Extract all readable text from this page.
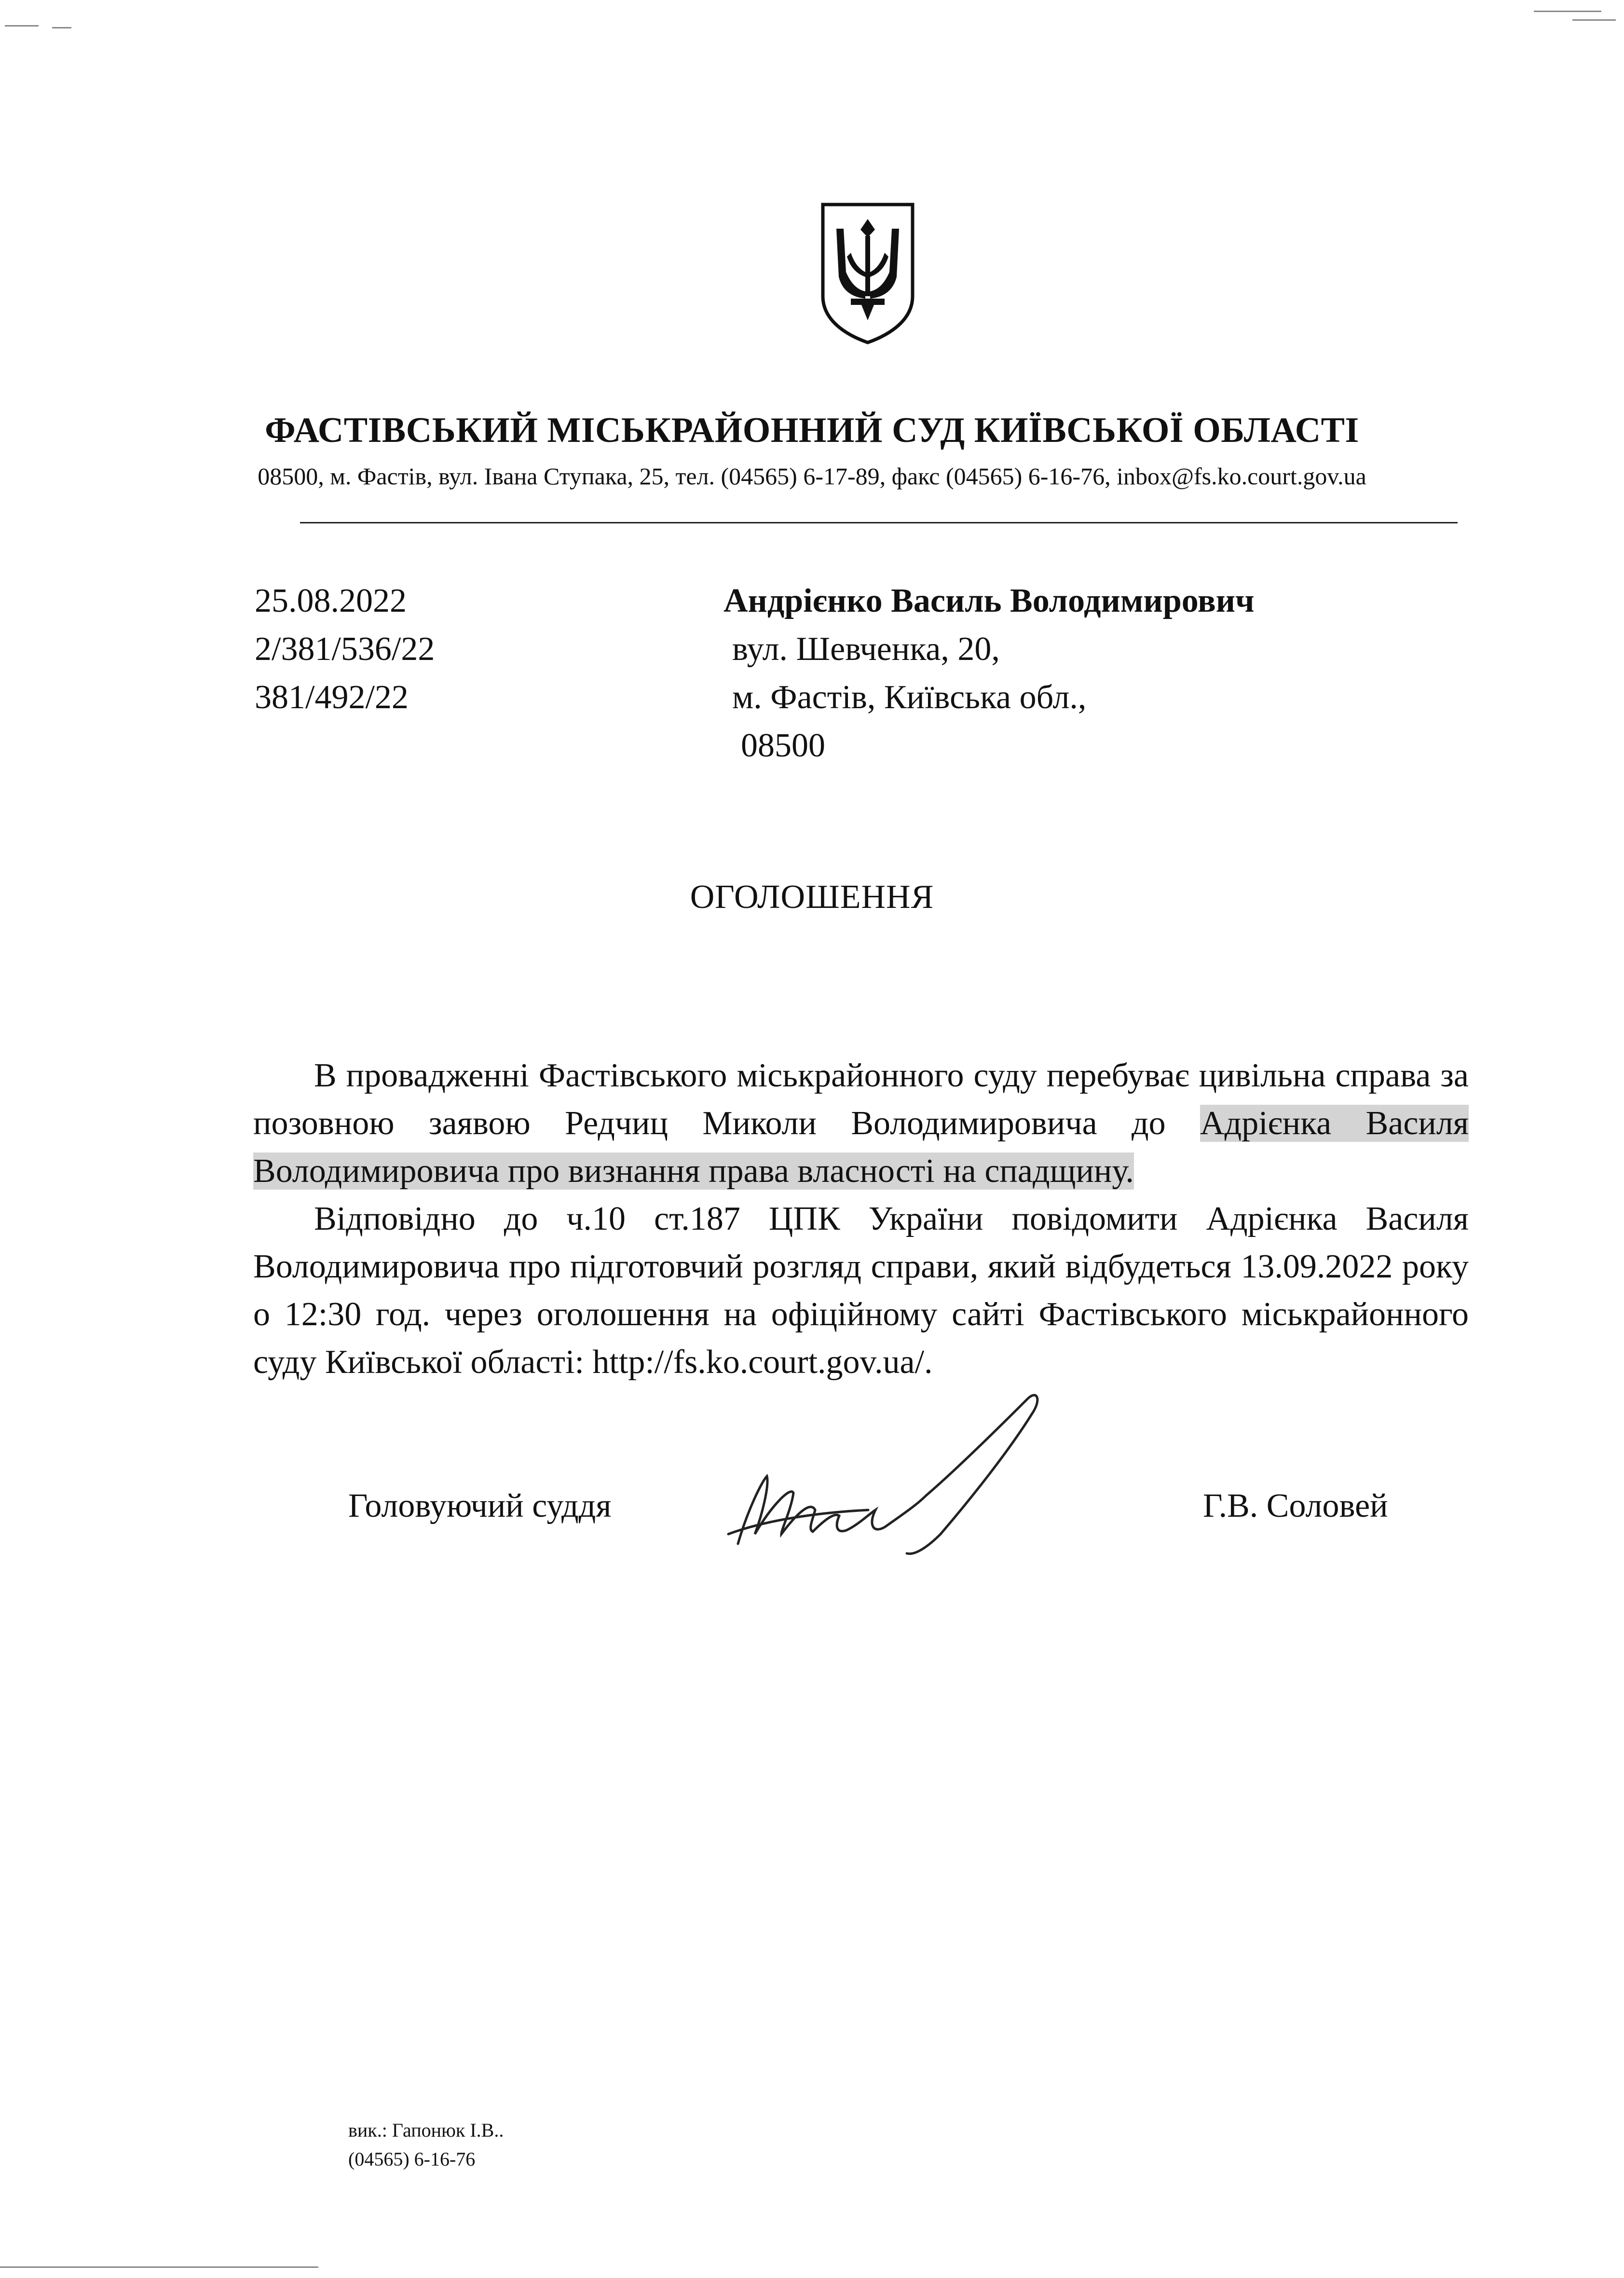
ФАСТІВСЬКИЙ МІСЬКРАЙОННИЙ СУД КИЇВСЬКОЇ ОБЛАСТІ
08500, м. Фастів, вул. Івана Ступака, 25, тел. (04565) 6-17-89, факс (04565) 6-16-76, inbox@fs.ko.court.gov.ua
25.08.2022
2/381/536/22
381/492/22
Андрієнко Василь Володимирович
вул. Шевченка, 20,
м. Фастів, Київська обл.,
08500
ОГОЛОШЕННЯ

В провадженні Фастівського міськрайонного суду перебуває цивільна справа за позовною заявою Редчиц Миколи Володимировича до Адрієнка Василя Володимировича про визнання права власності на спадщину.

Відповідно до ч.10 ст.187 ЦПК України повідомити Адрієнка Василя Володимировича про підготовчий розгляд справи, який відбудеться 13.09.2022 року о 12:30 год. через оголошення на офіційному сайті Фастівського міськрайонного суду Київської області: http://fs.ko.court.gov.ua/.

Головуючий суддя	Г.В. Соловей
вик.: Гапонюк І.В..
(04565) 6-16-76
